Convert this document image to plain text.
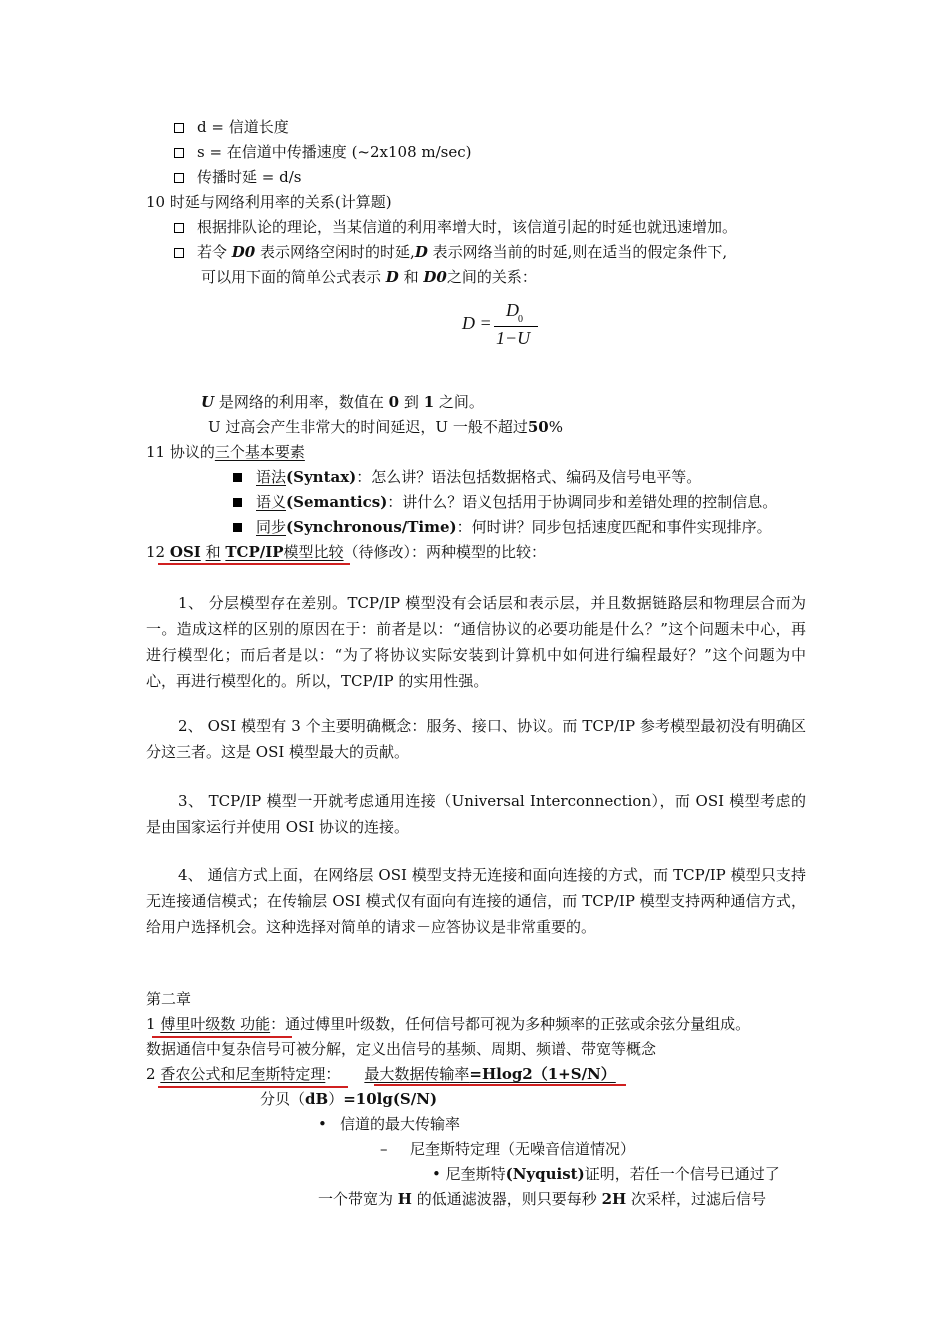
d = 信道长度
s = 在信道中传播速度 (~2x108 m/sec)
传播时延 = d/s
10 时延与网络利用率的关系(计算题)
根据排队论的理论，当某信道的利用率增大时，该信道引起的时延也就迅速增加。
若令 D0 表示网络空闲时的时延,D 表示网络当前的时延,则在适当的假定条件下,
可以用下面的简单公式表示 D 和 D0之间的关系：
D =
D 0
1−U
U 是网络的利用率，数值在 0 到 1 之间。
U 过高会产生非常大的时间延迟，U 一般不超过50%
11 协议的三个基本要素
语法(Syntax)：怎么讲？语法包括数据格式、编码及信号电平等。
语义(Semantics)：讲什么？语义包括用于协调同步和差错处理的控制信息。
同步(Synchronous/Time)：何时讲？同步包括速度匹配和事件实现排序。
12 OSI 和 TCP/IP模型比较（待修改）：两种模型的比较：
1、 分层模型存在差别。TCP/IP 模型没有会话层和表示层，并且数据链路层和物理层合而为一。造成这样的区别的原因在于：前者是以：“通信协议的必要功能是什么？”这个问题未中心，再进行模型化；而后者是以：“为了将协议实际安装到计算机中如何进行编程最好？”这个问题为中心，再进行模型化的。所以，TCP/IP 的实用性强。
2、 OSI 模型有 3 个主要明确概念：服务、接口、协议。而 TCP/IP 参考模型最初没有明确区分这三者。这是 OSI 模型最大的贡献。
3、 TCP/IP 模型一开就考虑通用连接（Universal Interconnection），而 OSI 模型考虑的是由国家运行并使用 OSI 协议的连接。
4、 通信方式上面，在网络层 OSI 模型支持无连接和面向连接的方式，而 TCP/IP 模型只支持无连接通信模式；在传输层 OSI 模式仅有面向有连接的通信，而 TCP/IP 模型支持两种通信方式，给用户选择机会。这种选择对简单的请求－应答协议是非常重要的。
第二章
1 傅里叶级数 功能：通过傅里叶级数，任何信号都可视为多种频率的正弦或余弦分量组成。
数据通信中复杂信号可被分解，定义出信号的基频、周期、频谱、带宽等概念
2 香农公式和尼奎斯特定理： 最大数据传输率=Hlog2（1+S/N）
分贝（dB）=10lg(S/N)
• 信道的最大传输率
– 尼奎斯特定理（无噪音信道情况）
• 尼奎斯特(Nyquist)证明，若任一个信号已通过了
一个带宽为 H 的低通滤波器，则只要每秒 2H 次采样，过滤后信号
